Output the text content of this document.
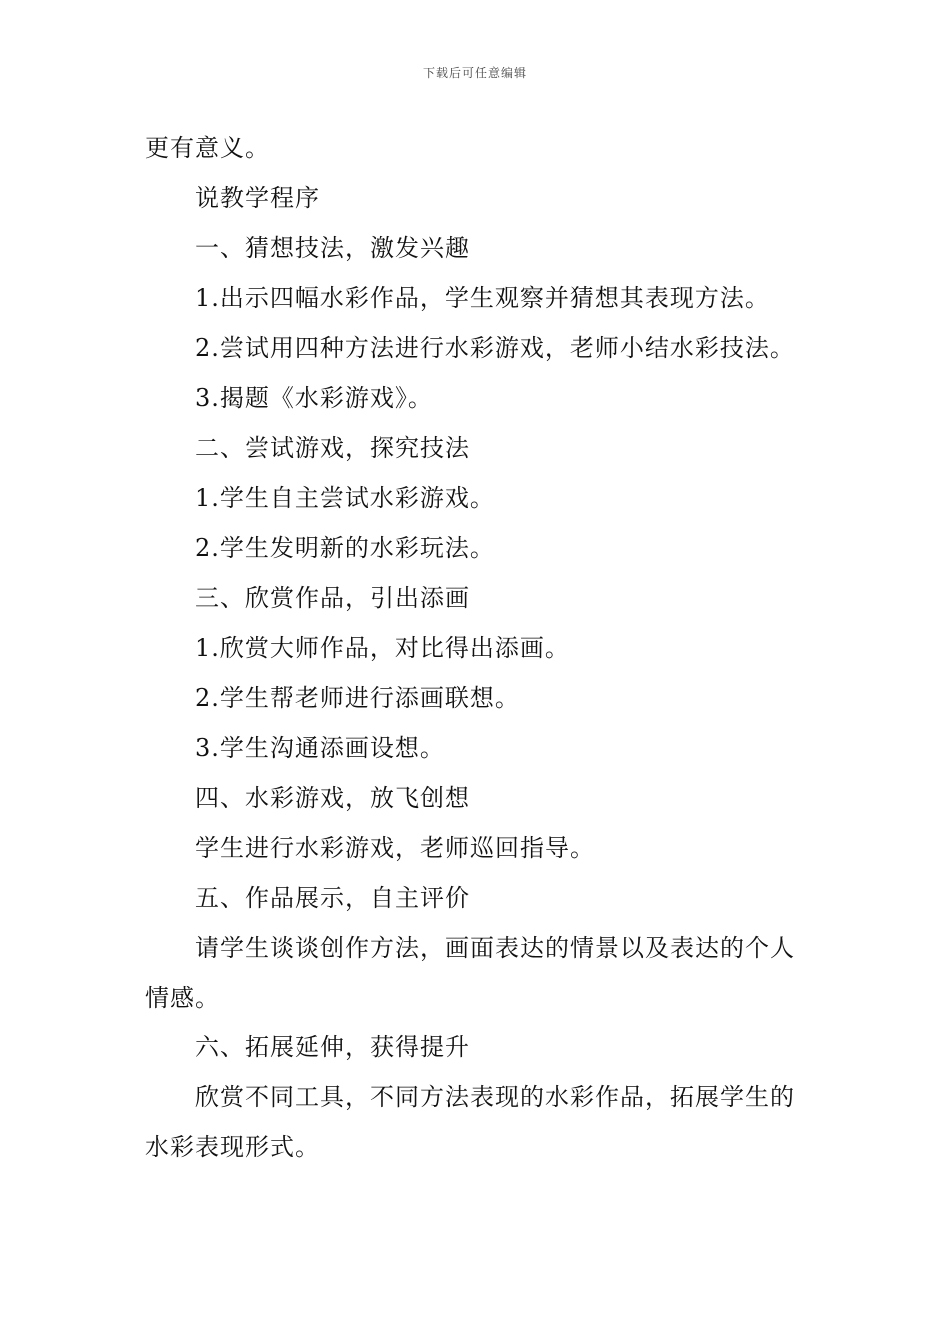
下载后可任意编辑
更有意义。
说教学程序
一、猜想技法，激发兴趣
1.出示四幅水彩作品，学生观察并猜想其表现方法。
2.尝试用四种方法进行水彩游戏，老师小结水彩技法。
3.揭题《水彩游戏》。
二、尝试游戏，探究技法
1.学生自主尝试水彩游戏。
2.学生发明新的水彩玩法。
三、欣赏作品，引出添画
1.欣赏大师作品，对比得出添画。
2.学生帮老师进行添画联想。
3.学生沟通添画设想。
四、水彩游戏，放飞创想
学生进行水彩游戏，老师巡回指导。
五、作品展示，自主评价
请学生谈谈创作方法，画面表达的情景以及表达的个人情感。
六、拓展延伸，获得提升
欣赏不同工具，不同方法表现的水彩作品，拓展学生的水彩表现形式。
